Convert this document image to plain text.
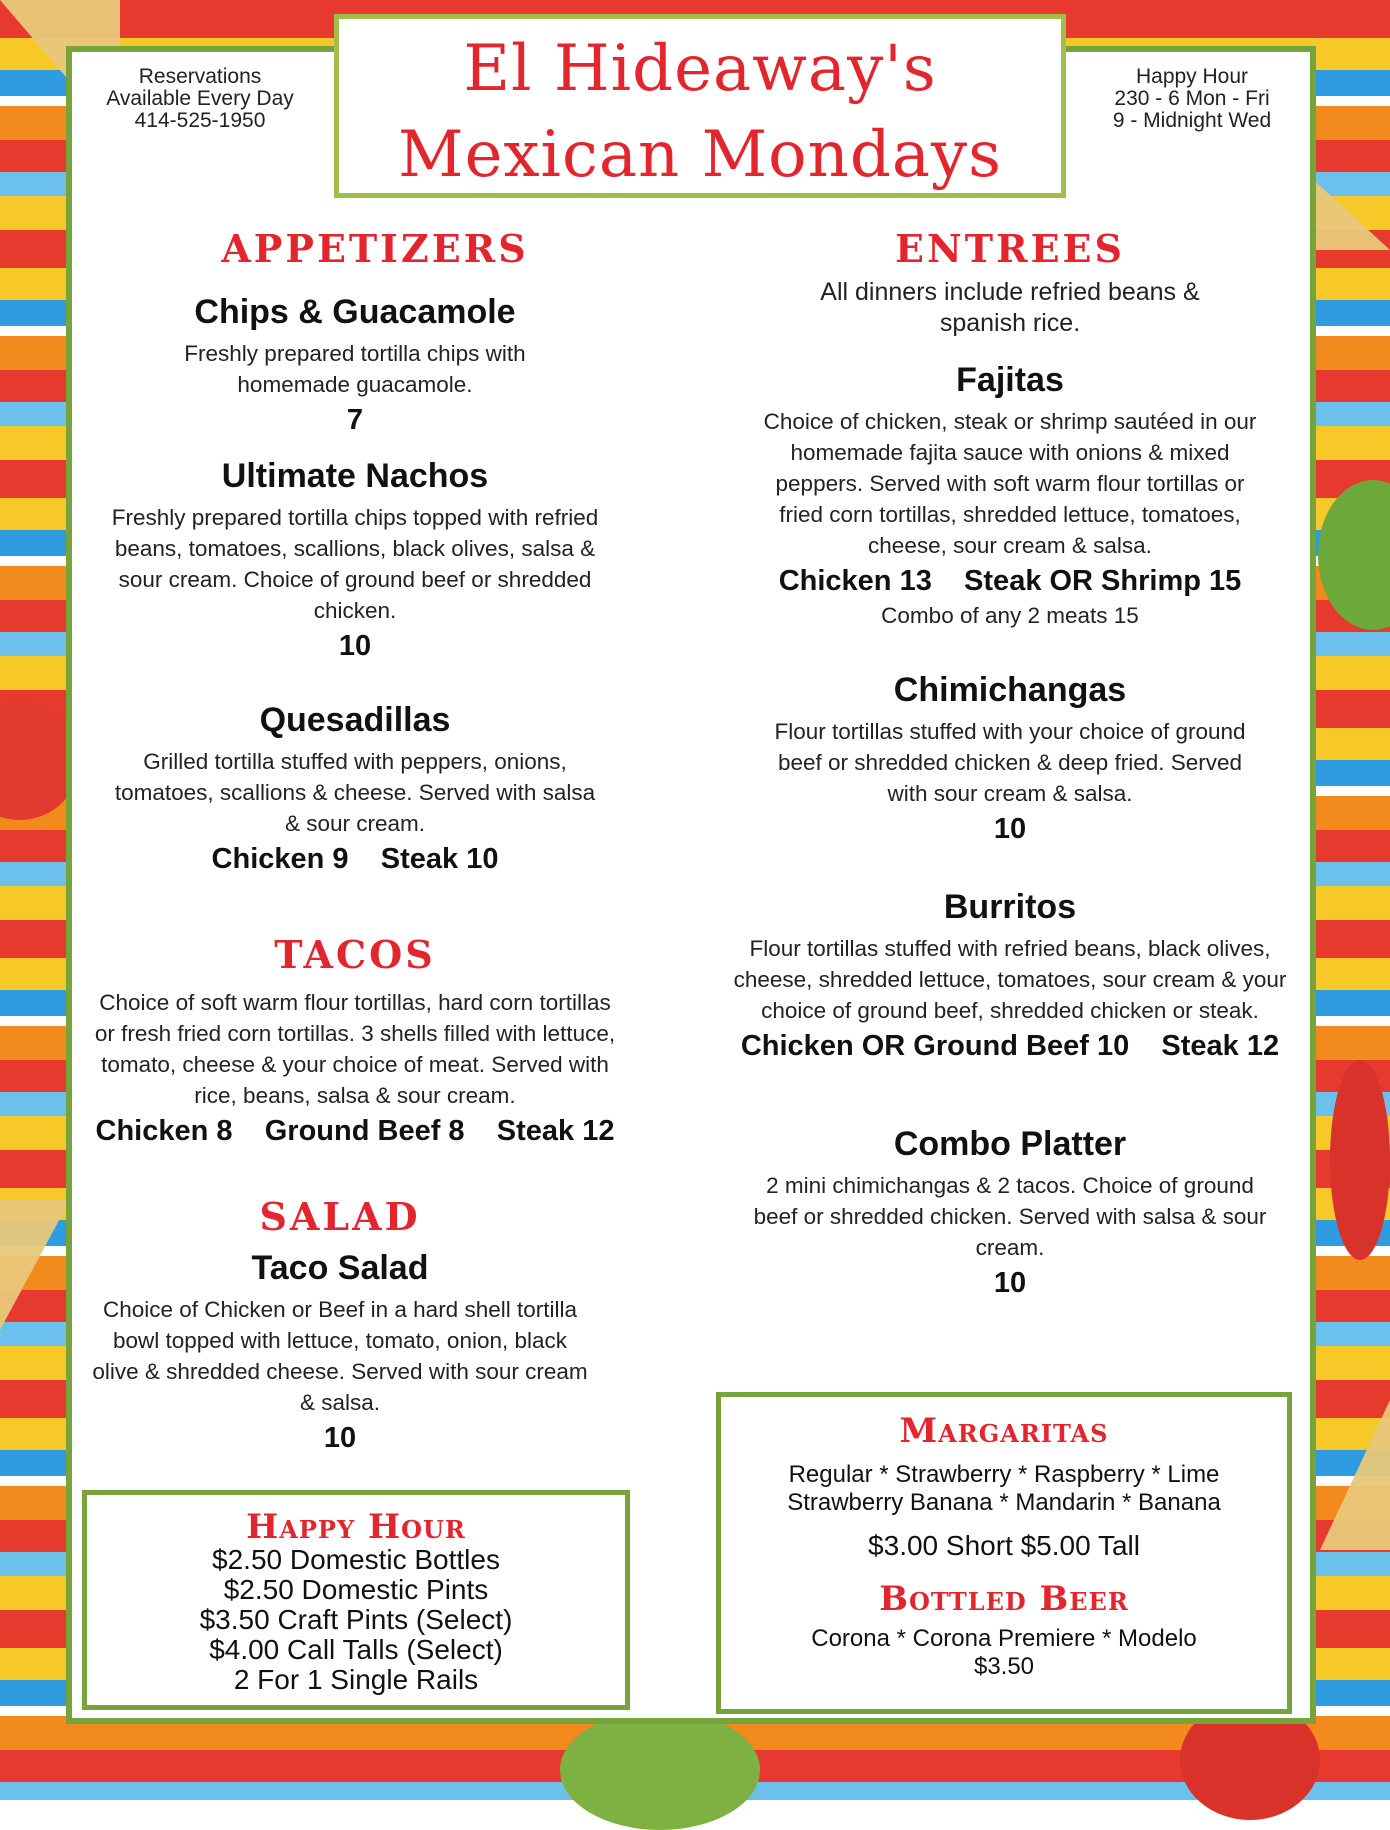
El Hideaway's
Mexican Mondays
Reservations
Available Every Day
414-525-1950
Happy Hour
230 - 6 Mon - Fri
9 - Midnight Wed
APPETIZERS
Chips & Guacamole
Freshly prepared tortilla chips with homemade guacamole.
7
Ultimate Nachos
Freshly prepared tortilla chips topped with refried beans, tomatoes, scallions, black olives, salsa & sour cream. Choice of ground beef or shredded chicken.
10
Quesadillas
Grilled tortilla stuffed with peppers, onions, tomatoes, scallions & cheese. Served with salsa & sour cream.
Chicken 9    Steak 10
TACOS
Choice of soft warm flour tortillas, hard corn tortillas or fresh fried corn tortillas. 3 shells filled with lettuce, tomato, cheese & your choice of meat. Served with rice, beans, salsa & sour cream.
Chicken 8    Ground Beef 8    Steak 12
SALAD
Taco Salad
Choice of Chicken or Beef in a hard shell tortilla bowl topped with lettuce, tomato, onion, black olive & shredded cheese. Served with sour cream & salsa.
10
Happy Hour
$2.50 Domestic Bottles
$2.50 Domestic Pints
$3.50 Craft Pints (Select)
$4.00 Call Talls (Select)
2 For 1 Single Rails
ENTREES
All dinners include refried beans & spanish rice.
Fajitas
Choice of chicken, steak or shrimp sautéed in our homemade fajita sauce with onions & mixed peppers. Served with soft warm flour tortillas or fried corn tortillas, shredded lettuce, tomatoes, cheese, sour cream & salsa.
Chicken 13    Steak OR Shrimp 15
Combo of any 2 meats 15
Chimichangas
Flour tortillas stuffed with your choice of ground beef or shredded chicken & deep fried. Served with sour cream & salsa.
10
Burritos
Flour tortillas stuffed with refried beans, black olives, cheese, shredded lettuce, tomatoes, sour cream & your choice of ground beef, shredded chicken or steak.
Chicken OR Ground Beef 10    Steak 12
Combo Platter
2 mini chimichangas & 2 tacos. Choice of ground beef or shredded chicken. Served with salsa & sour cream.
10
Margaritas
Regular * Strawberry * Raspberry * Lime
Strawberry Banana * Mandarin * Banana
$3.00 Short $5.00 Tall
Bottled Beer
Corona * Corona Premiere * Modelo
$3.50
